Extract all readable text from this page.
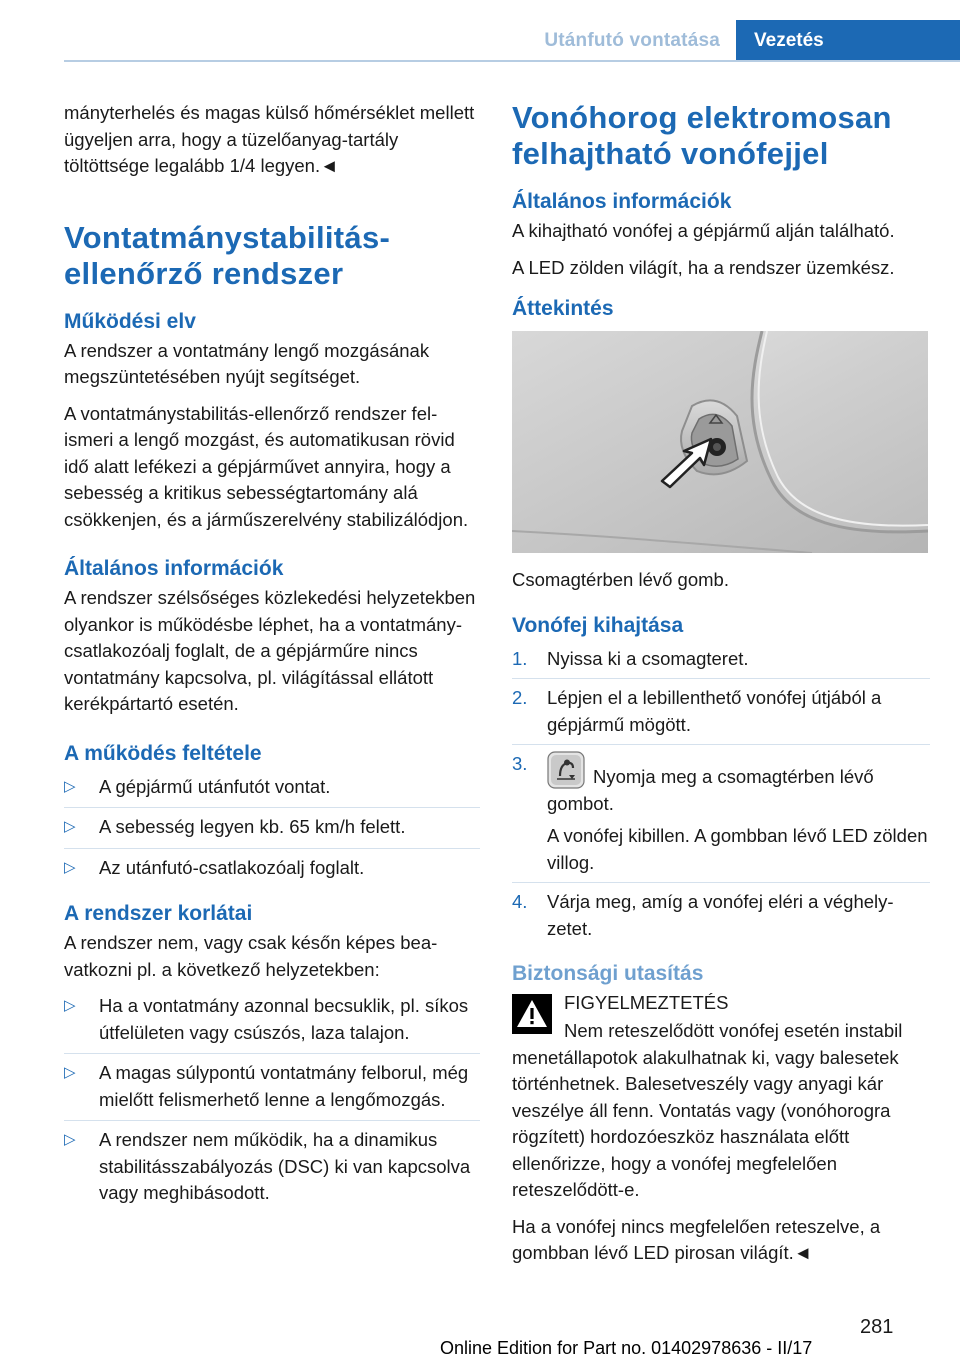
Utánfutó vontatása	Vezetés

mányterhelés és magas külső hőmérséklet mellett ügyeljen arra, hogy a tüzelőanyag-tartály töltöttsége legalább 1/4 legyen.◄

Vontatmánystabilitás-ellenőrző rendszer
Működési elv

A rendszer a vontatmány lengő mozgásának megszüntetésében nyújt segítséget.

A vontatmánystabilitás-ellenőrző rendszer felismeri a lengő mozgást, és automatikusan rövid idő alatt lefékezi a gépjárművet annyira, hogy a sebesség a kritikus sebességtartomány alá csökkenjen, és a járműszerelvény stabilizálódjon.

Általános információk

A rendszer szélsőséges közlekedési helyzetekben olyankor is működésbe léphet, ha a vontatmány-csatlakozóalj foglalt, de a gépjárműre nincs vontatmány kapcsolva, pl. világítással ellátott kerékpártartó esetén.

A működés feltétele
▷ A gépjármű utánfutót vontat.
▷ A sebesség legyen kb. 65 km/h felett.
▷ Az utánfutó-csatlakozóalj foglalt.
A rendszer korlátai

A rendszer nem, vagy csak későn képes beavatkozni pl. a következő helyzetekben:

▷ Ha a vontatmány azonnal becsuklik, pl. síkos útfelületen vagy csúszós, laza talajon.
▷ A magas súlypontú vontatmány felborul, még mielőtt felismerhető lenne a lengőmozgás.
▷ A rendszer nem működik, ha a dinamikus stabilitásszabályozás (DSC) ki van kapcsolva vagy meghibásodott.
Vonóhorog elektromosan felhajtható vonófejjel
Általános információk

A kihajtható vonófej a gépjármű alján található.

A LED zölden világít, ha a rendszer üzemkész.

Áttekintés

Csomagtérben lévő gomb.

Vonófej kihajtása
1. Nyissa ki a csomagteret.
2. Lépjen el a lebillenthető vonófej útjából a gépjármű mögött.
3.
Nyomja meg a csomagtérben lévő gombot.
A vonófej kibillen. A gombban lévő LED zölden villog.
4. Várja meg, amíg a vonófej eléri a véghelyzetet.
Biztonsági utasítás
FIGYELMEZTETÉS
Nem reteszelődött vonófej esetén instabil menetállapotok alakulhatnak ki, vagy balesetek történhetnek. Balesetveszély vagy anyagi kár veszélye áll fenn. Vontatás vagy (vonóhorogra rögzített) hordozóeszköz használata előtt ellenőrizze, hogy a vonófej megfelelően reteszelődött-e.

Ha a vonófej nincs megfelelően reteszelve, a gombban lévő LED pirosan világít.◄

281
Online Edition for Part no. 01402978636 - II/17
